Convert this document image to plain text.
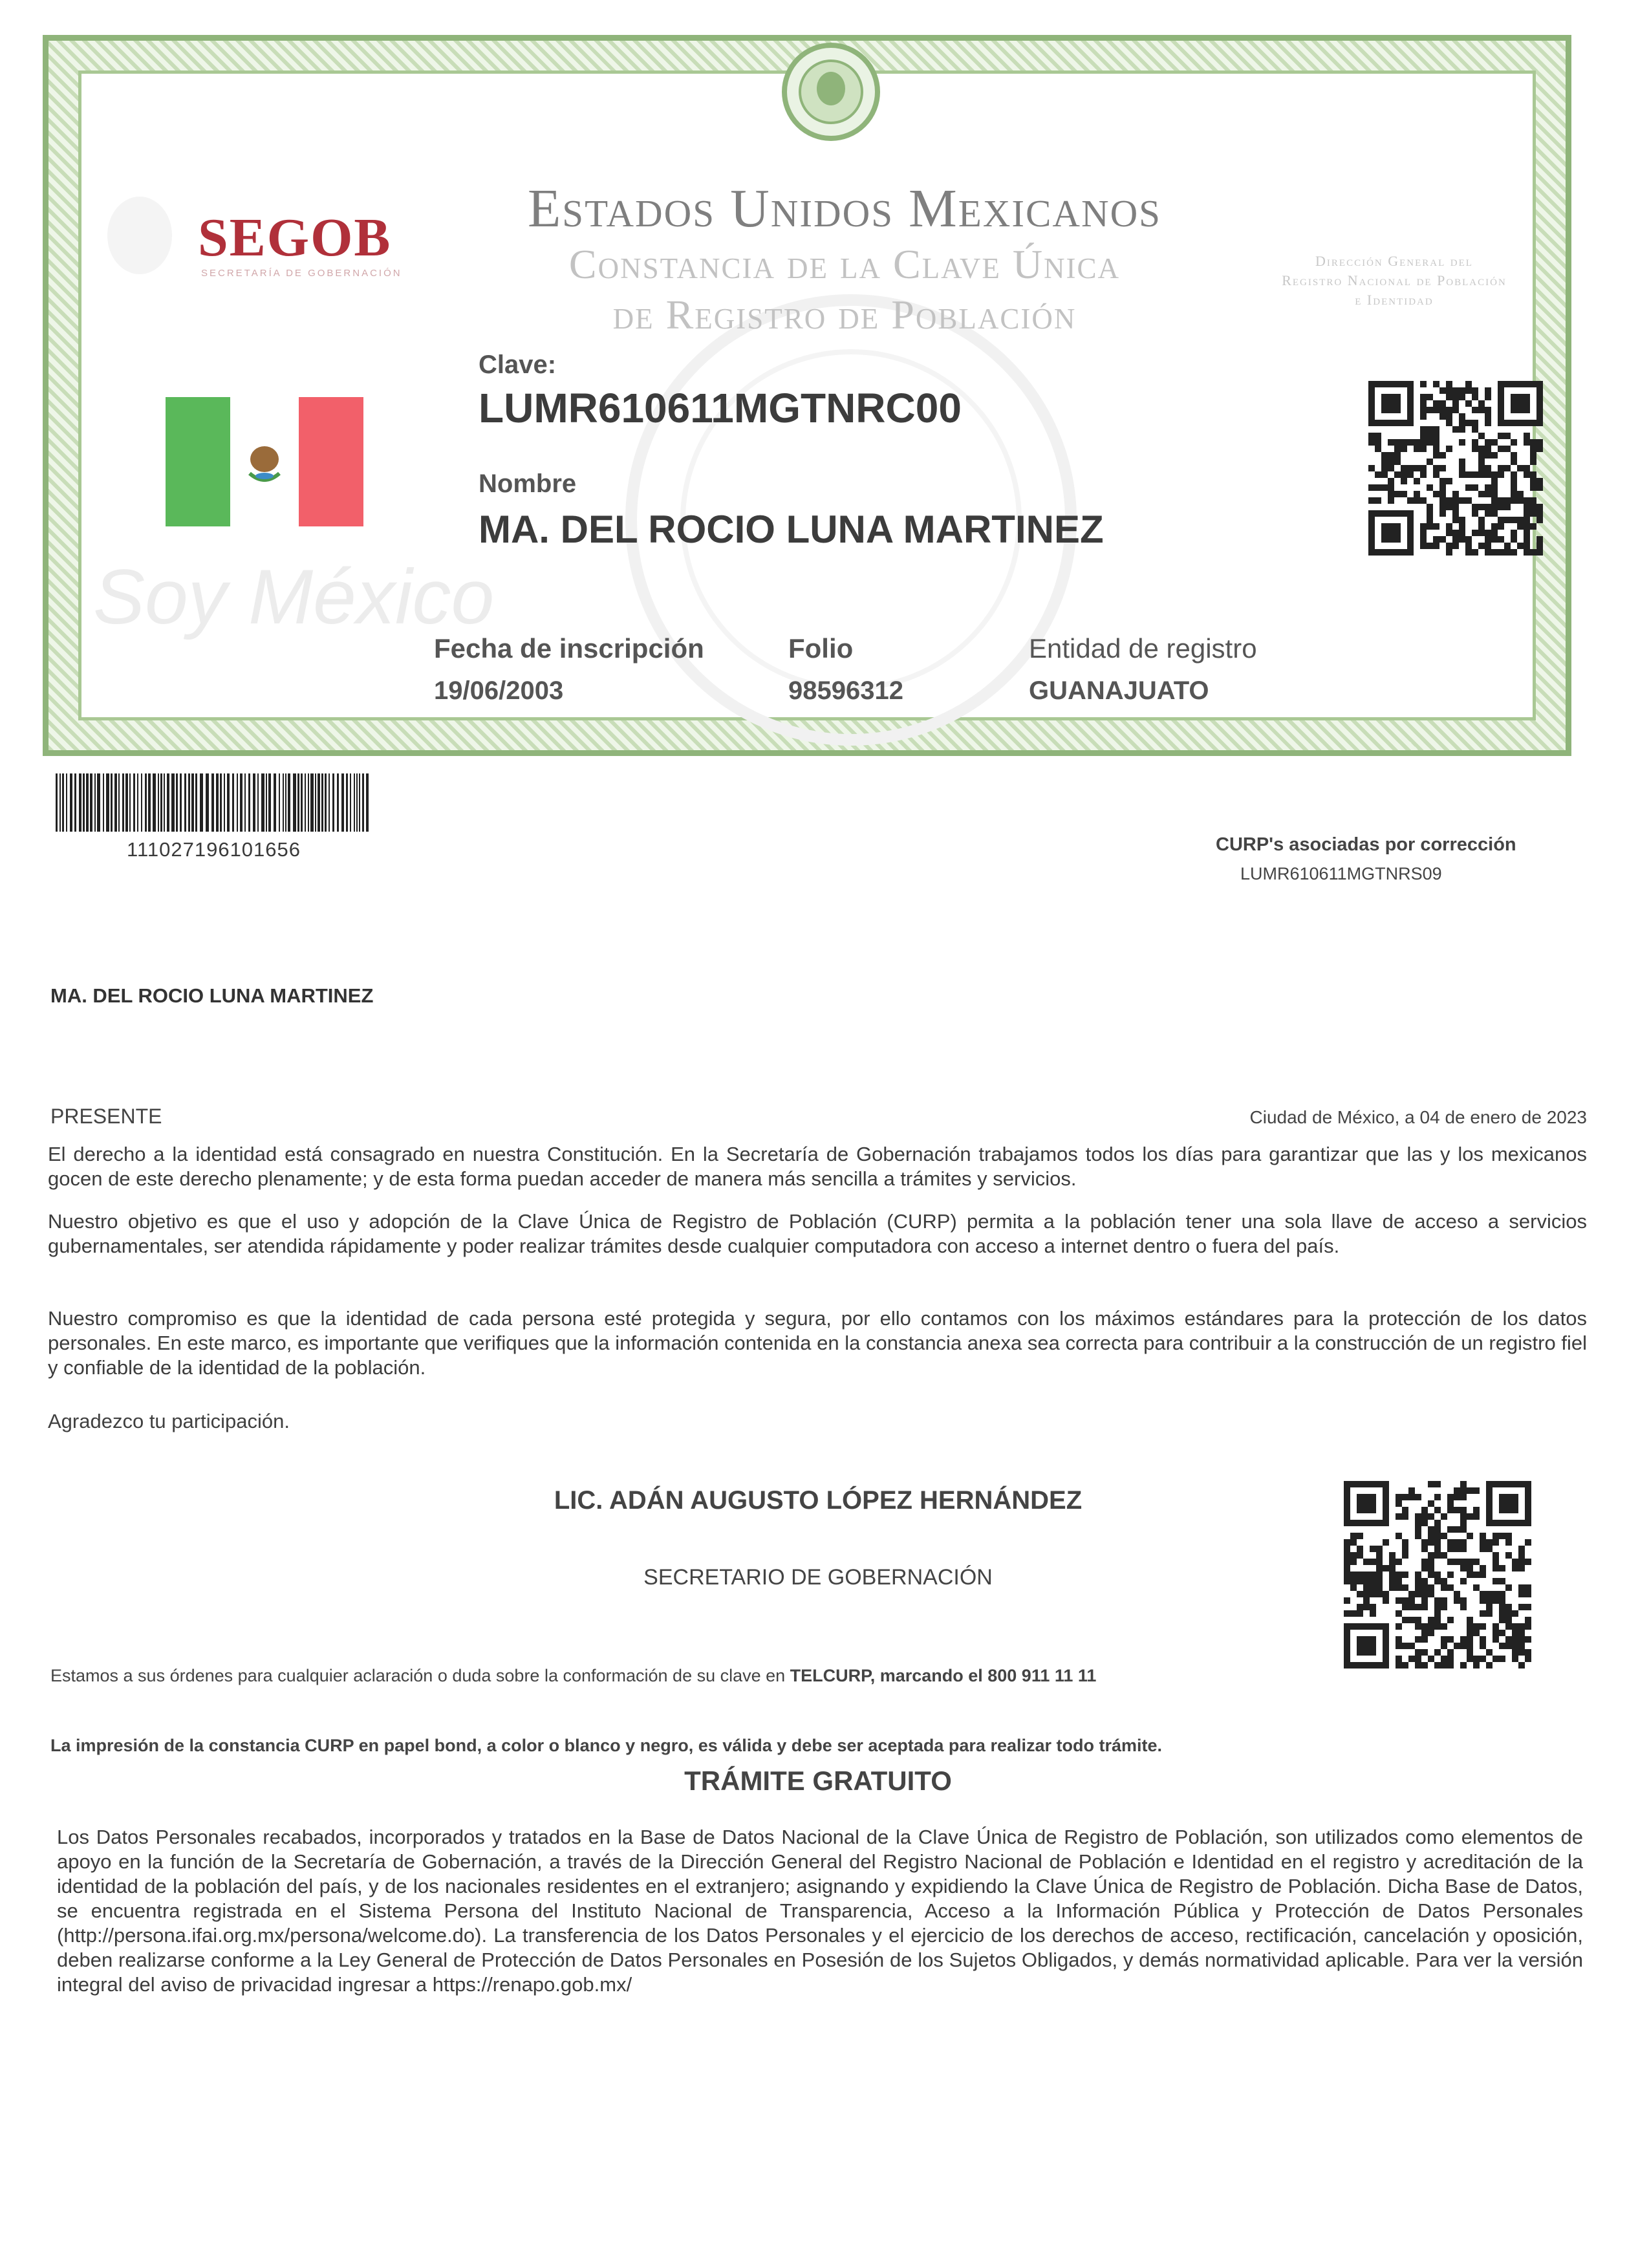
Soy México
SEGOB
SECRETARÍA DE GOBERNACIÓN
Estados Unidos Mexicanos
Constancia de la Clave Única
de Registro de Población
Dirección General del
Registro Nacional de Población
e Identidad
Clave:
LUMR610611MGTNRC00
Nombre
MA. DEL ROCIO LUNA MARTINEZ
Fecha de inscripción
19/06/2003
Folio
98596312
Entidad de registro
GUANAJUATO
111027196101656	CURP's asociadas por corrección
LUMR610611MGTNRS09
MA. DEL ROCIO LUNA MARTINEZ
PRESENTE	Ciudad de México, a 04 de enero de 2023
El derecho a la identidad está consagrado en nuestra Constitución. En la Secretaría de Gobernación trabajamos todos los días para garantizar que las y los mexicanos gocen de este derecho plenamente; y de esta forma puedan acceder de manera más sencilla a trámites y servicios.
Nuestro objetivo es que el uso y adopción de la Clave Única de Registro de Población (CURP) permita a la población tener una sola llave de acceso a servicios gubernamentales, ser atendida rápidamente y poder realizar trámites desde cualquier computadora con acceso a internet dentro o fuera del país.
Nuestro compromiso es que la identidad de cada persona esté protegida y segura, por ello contamos con los máximos estándares para la protección de los datos personales. En este marco, es importante que verifiques que la información contenida en la constancia anexa sea correcta para contribuir a la construcción de un registro fiel y confiable de la identidad de la población.
Agradezco tu participación.
LIC. ADÁN AUGUSTO LÓPEZ HERNÁNDEZ
SECRETARIO DE GOBERNACIÓN
Estamos a sus órdenes para cualquier aclaración o duda sobre la conformación de su clave en TELCURP, marcando el 800 911 11 11
La impresión de la constancia CURP en papel bond, a color o blanco y negro, es válida y debe ser aceptada para realizar todo trámite.
TRÁMITE GRATUITO
Los Datos Personales recabados, incorporados y tratados en la Base de Datos Nacional de la Clave Única de Registro de Población, son utilizados como elementos de apoyo en la función de la Secretaría de Gobernación, a través de la Dirección General del Registro Nacional de Población e Identidad en el registro y acreditación de la identidad de la población del país, y de los nacionales residentes en el extranjero; asignando y expidiendo la Clave Única de Registro de Población. Dicha Base de Datos, se encuentra registrada en el Sistema Persona del Instituto Nacional de Transparencia, Acceso a la Información Pública y Protección de Datos Personales (http://persona.ifai.org.mx/persona/welcome.do). La transferencia de los Datos Personales y el ejercicio de los derechos de acceso, rectificación, cancelación y oposición, deben realizarse conforme a la Ley General de Protección de Datos Personales en Posesión de los Sujetos Obligados, y demás normatividad aplicable. Para ver la versión integral del aviso de privacidad ingresar a https://renapo.gob.mx/
